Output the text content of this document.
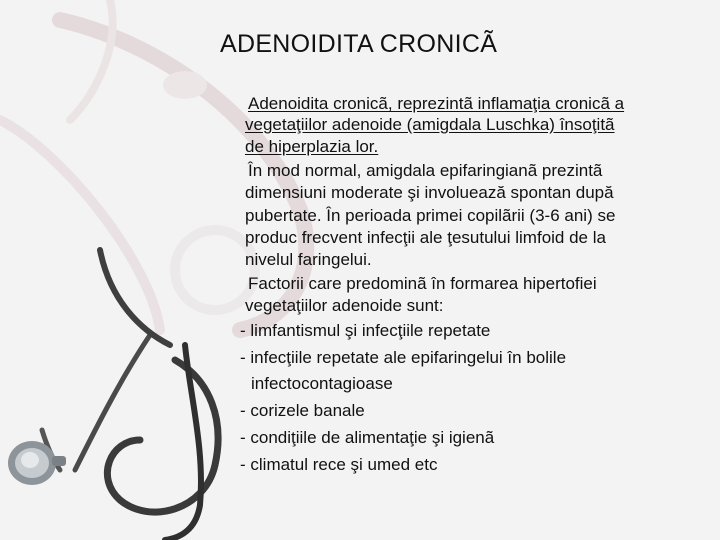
ADENOIDITA CRONICÃ
Adenoidita cronicã, reprezintã inflamaţia cronicã a
vegetaţiilor adenoide (amigdala Luschka) însoţitã
de hiperplazia lor.
În mod normal, amigdala epifaringianã prezintã
dimensiuni moderate şi involuează spontan după
pubertate. În perioada primei copilãrii (3-6 ani) se
produc frecvent infecţii ale ţesutului limfoid de la
nivelul faringelui.
Factorii care predominã în formarea hipertofiei
vegetaţiilor adenoide sunt:
- limfantismul şi infecţiile repetate
- infecţiile repetate ale epifaringelui în bolile
infectocontagioase
- corizele banale
- condiţiile de alimentaţie şi igienã
- climatul rece şi umed etc
